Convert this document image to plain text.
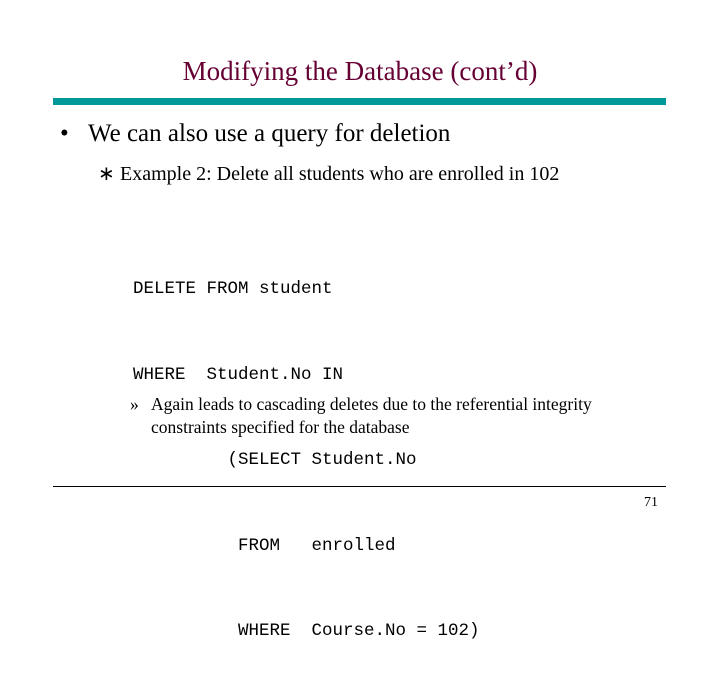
Modifying the Database (cont’d)
• We can also use a query for deletion
∗ Example 2: Delete all students who are enrolled in 102

DELETE FROM student

WHERE  Student.No IN

(SELECT Student.No

FROM   enrolled

WHERE  Course.No = 102)

» Again leads to cascading deletes due to the referential integrity constraints specified for the database
71
